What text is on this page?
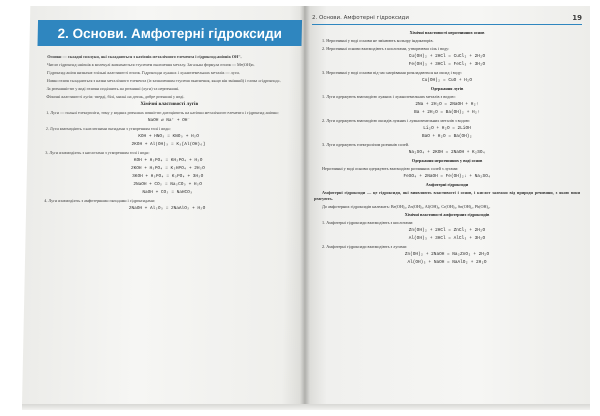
2. Основи. Амфотерні гідроксиди

Основи — складні сполуки, які складаються з катіонів металічного елемента і гідроксид-аніонів OH⁻.

Число гідроксид-аніонів в молекулі визначається ступенем окиснення металу. Загальна формула основ — Me(OH)n.

Гідроксид-аніон визначає спільні властивості основ. Гідроксиди лужних і лужноземельних металів — луги.

Назви основ складаються з назви металічного елемента (із зазначенням ступеня окиснення, якщо він змінний) і слова «гідроксид».

За розчинністю у воді основи поділяють на розчинні (луги) та нерозчинні.

Фізичні властивості лугів: тверді, білі, милкі на дотик, добре розчинні у воді.

Хімічні властивості лугів

1. Луги — сильні електроліти, тому у водних розчинах повністю дисоціюють на катіони металічного елемента і гідроксид-аніони:

NaOH ⇄ Na⁺ + OH⁻

2. Луги взаємодіють з кислотними оксидами з утворенням солі і води:

KOH + HNO₃ = KNO₃ + H₂O

2KOH + Al(OH)₃ = K₃[Al(OH)₆]

3. Луги взаємодіють з кислотами з утворенням солі і води:

KOH + H₂PO₄ = KH₂PO₄ + H₂O

2KOH + H₃PO₄ = K₂HPO₄ + 2H₂O

3KOH + H₃PO₄ = K₃PO₄ + 3H₂O

2NaOH + CO₂ = Na₂CO₃ + H₂O

NaOH + CO₂ = NaHCO₃

4. Луги взаємодіють з амфотерними оксидами і гідроксидами:

2NaOH + Al₂O₃ = 2NaAlO₂ + H₂O

2. Основи. Амфотерні гідроксиди	19

Хімічні властивості нерозчинних основ

1. Нерозчинні у воді основи не змінюють кольору індикаторів.

2. Нерозчинні основи взаємодіють з кислотами, утворюючи сіль і воду:

Cu(OH)₂ + 2HCl = CuCl₂ + 2H₂O

Fe(OH)₃ + 3HCl = FeCl₃ + 3H₂O

3. Нерозчинні у воді основи під час нагрівання розкладаються на оксид і воду:

Cu(OH)₂ = CuO + H₂O

Одержання лугів

1. Луги одержують взаємодією лужних і лужноземельних металів з водою:

2Na + 2H₂O = 2NaOH + H₂↑

Ba + 2H₂O = Ba(OH)₂ + H₂↑

2. Луги одержують взаємодією оксидів лужних і лужноземельних металів з водою:

Li₂O + H₂O = 2LiOH

BaO + H₂O = Ba(OH)₂

3. Луги одержують електролізом розчинів солей.

Na₂SO₄ + 2KOH = 2NaOH + K₂SO₄

Одержання нерозчинних у воді основ

Нерозчинні у воді основи одержують взаємодією розчинних солей з лугами:

FeSO₄ + 2NaOH = Fe(OH)₂↓ + Na₂SO₄

Амфотерні гідроксиди

Амфотерні гідроксиди — це гідроксиди, які виявляють властивості і основ, і кислот залежно від природи речовини, з якою вони реагують.

До амфотерних гідроксидів належать: Be(OH)₂, Zn(OH)₂, Al(OH)₃, Cr(OH)₃, Sn(OH)₂, Pb(OH)₂.

Хімічні властивості амфотерних гідроксидів

1. Амфотерні гідроксиди взаємодіють з кислотами:

Zn(OH)₂ + 2HCl = ZnCl₂ + 2H₂O

Al(OH)₃ + 3HCl = AlCl₃ + 3H₂O

2. Амфотерні гідроксиди взаємодіють з лугами:

Zn(OH)₂ + 2NaOH = Na₂ZnO₂ + 2H₂O

Al(OH)₃ + NaOH = NaAlO₂ + 2H₂O
